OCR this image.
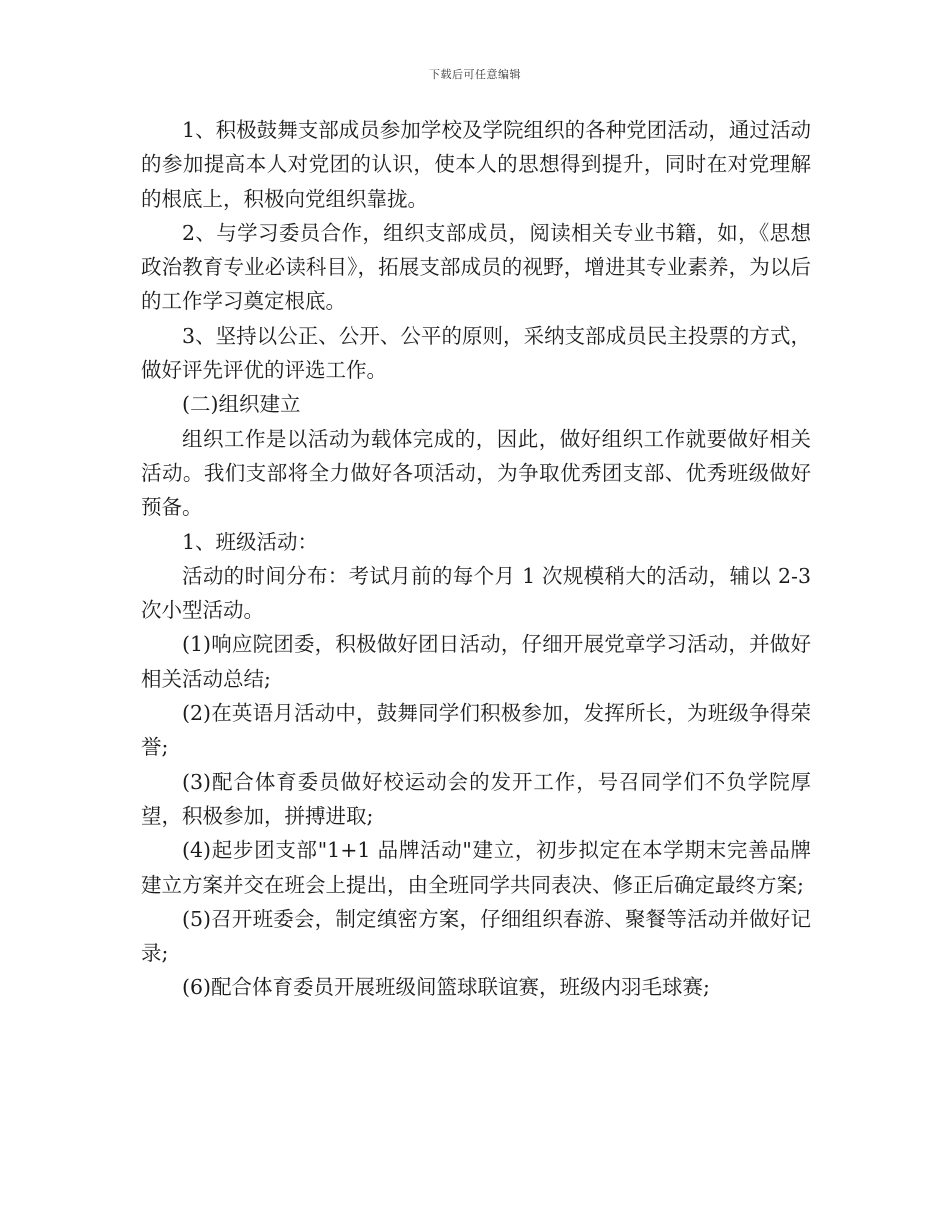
下载后可任意编辑

1、积极鼓舞支部成员参加学校及学院组织的各种党团活动，通过活动的参加提高本人对党团的认识，使本人的思想得到提升，同时在对党理解的根底上，积极向党组织靠拢。

2、与学习委员合作，组织支部成员，阅读相关专业书籍，如，《思想政治教育专业必读科目》，拓展支部成员的视野，增进其专业素养，为以后的工作学习奠定根底。

3、坚持以公正、公开、公平的原则，采纳支部成员民主投票的方式，做好评先评优的评选工作。

(二)组织建立

组织工作是以活动为载体完成的，因此，做好组织工作就要做好相关活动。我们支部将全力做好各项活动，为争取优秀团支部、优秀班级做好预备。

1、班级活动：

活动的时间分布：考试月前的每个月 1 次规模稍大的活动，辅以 2-3 次小型活动。

(1)响应院团委，积极做好团日活动，仔细开展党章学习活动，并做好相关活动总结;

(2)在英语月活动中，鼓舞同学们积极参加，发挥所长，为班级争得荣誉;

(3)配合体育委员做好校运动会的发开工作，号召同学们不负学院厚望，积极参加，拼搏进取;

(4)起步团支部"1+1 品牌活动"建立，初步拟定在本学期末完善品牌建立方案并交在班会上提出，由全班同学共同表决、修正后确定最终方案;

(5)召开班委会，制定缜密方案，仔细组织春游、聚餐等活动并做好记录;

(6)配合体育委员开展班级间篮球联谊赛，班级内羽毛球赛;
